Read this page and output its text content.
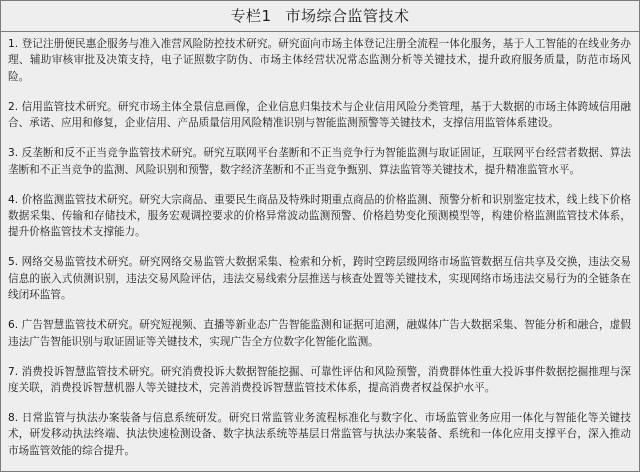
专栏1 市场综合监管技术
1. 登记注册便民惠企服务与准入准营风险防控技术研究。研究面向市场主体登记注册全流程一体化服务，基于人工智能的在线业务办理、辅助审核审批及决策支持，电子证照数字防伪、市场主体经营状况常态监测分析等关键技术，提升政府服务质量，防范市场风险。
2. 信用监管技术研究。研究市场主体全景信息画像，企业信息归集技术与企业信用风险分类管理，基于大数据的市场主体跨域信用融合、承诺、应用和修复，企业信用、产品质量信用风险精准识别与智能监测预警等关键技术，支撑信用监管体系建设。
3. 反垄断和反不正当竞争监管技术研究。研究互联网平台垄断和不正当竞争行为智能监测与取证固证，互联网平台经营者数据、算法垄断和不正当竞争的监测、风险识别和预警，数字经济垄断和不正当竞争甄别、算法监管等关键技术，提升精准监管水平。
4. 价格监测监管技术研究。研究大宗商品、重要民生商品及特殊时期重点商品的价格监测、预警分析和识别鉴定技术，线上线下价格数据采集、传输和存储技术，服务宏观调控要求的价格异常波动监测预警、价格趋势变化预测模型等，构建价格监测监管技术体系，提升价格监管技术支撑能力。
5. 网络交易监管技术研究。研究网络交易监管大数据采集、检索和分析，跨时空跨层级网络市场监管数据互信共享及交换，违法交易信息的嵌入式侦测识别，违法交易风险评估，违法交易线索分层推送与核查处置等关键技术，实现网络市场违法交易行为的全链条在线闭环监管。
6. 广告智慧监管技术研究。研究短视频、直播等新业态广告智能监测和证据可追溯，融媒体广告大数据采集、智能分析和融合，虚假违法广告智能识别与取证固证等关键技术，实现广告全方位数字化智能化监测。
7. 消费投诉智慧监管技术研究。研究消费投诉大数据智能挖掘、可靠性评估和风险预警，消费群体性重大投诉事件数据挖掘推理与深度关联，消费投诉智慧机器人等关键技术，完善消费投诉智慧监管技术体系，提高消费者权益保护水平。
8. 日常监管与执法办案装备与信息系统研发。研究日常监管业务流程标准化与数字化、市场监管业务应用一体化与智能化等关键技术，研发移动执法终端、执法快速检测设备、数字执法系统等基层日常监管与执法办案装备、系统和一体化应用支撑平台，深入推动市场监管效能的综合提升。
